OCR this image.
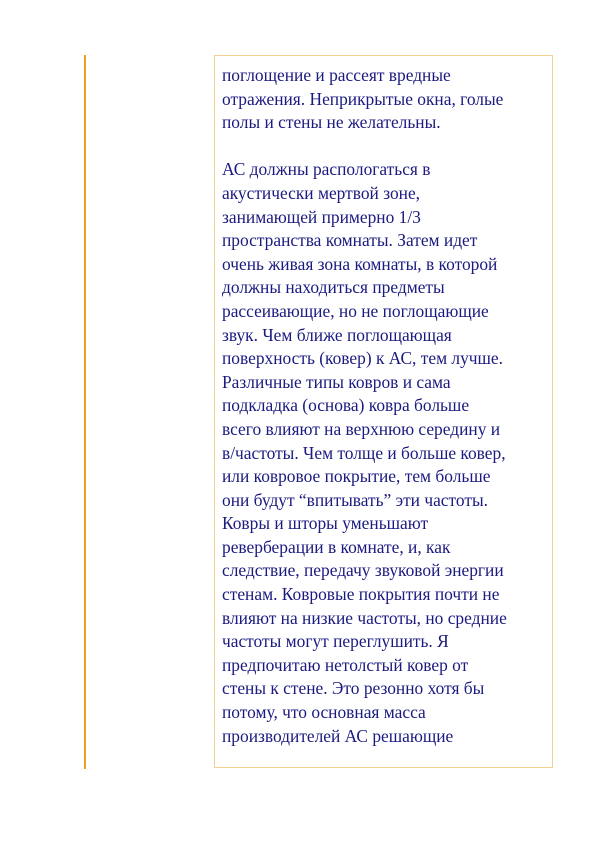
поглощение и рассеят вредные
отражения. Неприкрытые окна, голые
полы и стены не желательны.

АС должны распологаться в
акустически мертвой зоне,
занимающей примерно 1/3
пространства комнаты. Затем идет
очень живая зона комнаты, в которой
должны находиться предметы
рассеивающие, но не поглощающие
звук. Чем ближе поглощающая
поверхность (ковер) к АС, тем лучше.
Различные типы ковров и сама
подкладка (основа) ковра больше
всего влияют на верхнюю середину и
в/частоты. Чем толще и больше ковер,
или ковровое покрытие, тем больше
они будут “впитывать” эти частоты.
Ковры и шторы уменьшают
реверберации в комнате, и, как
следствие, передачу звуковой энергии
стенам. Ковровые покрытия почти не
влияют на низкие частоты, но средние
частоты могут переглушить. Я
предпочитаю нетолстый ковер от
стены к стене. Это резонно хотя бы
потому, что основная масса
производителей АС решающие
